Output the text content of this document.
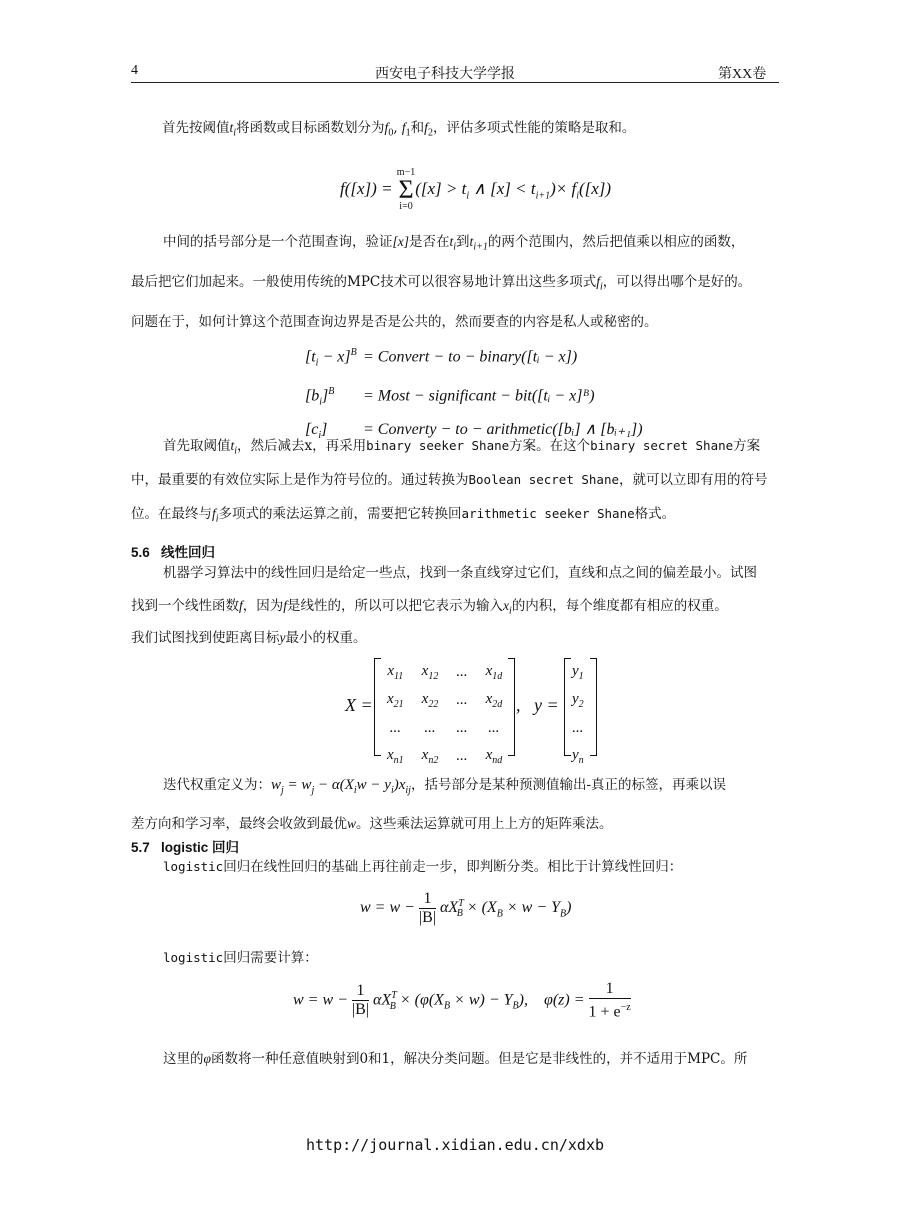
4	西安电子科技大学学报	第XX卷
首先按阈值$t_i$将函数或目标函数划分为$f_0$, $f_1$和$f_2$，评估多项式性能的策略是取和。
f([x]) =
m−1
Σ
i=0
($[x] > t_i$ ∧ $[x] < t_{i+1})\times f_i([x])$
中间的括号部分是一个范围查询，验证[x]是否在$t_i$到$t_{i+1}$的两个范围内，然后把值乘以相应的函数，
最后把它们加起来。一般使用传统的MPC技术可以很容易地计算出这些多项式$f_i$，可以得出哪个是好的。
问题在于，如何计算这个范围查询边界是否是公共的，然而要查的内容是私人或秘密的。
$[t_i - x]^B$ = Convert − to − binary([tᵢ − x])
$[b_i]^B$ = Most − significant − bit([tᵢ − x]ᴮ)
$[c_i]$ = Converty − to − arithmetic([bᵢ] ∧ [bᵢ₊₁])
首先取阈值$t_i$，然后减去x，再采用binary seeker Shane方案。在这个binary secret Shane方案
中，最重要的有效位实际上是作为符号位的。通过转换为Boolean secret Shane，就可以立即有用的符号
位。在最终与$f_i$多项式的乘法运算之前，需要把它转换回arithmetic seeker Shane格式。
5.6 线性回归
机器学习算法中的线性回归是给定一些点，找到一条直线穿过它们，直线和点之间的偏差最小。试图
找到一个线性函数f，因为f是线性的，所以可以把它表示为输入$x_i$的内积，每个维度都有相应的权重。
我们试图找到使距离目标y最小的权重。
X =
$x_{11}$	$x_{12}$	...	$x_{1d}$
$x_{21}$	$x_{22}$	...	$x_{2d}$
...	...	...	...
$x_{n1}$	$x_{n2}$	...	$x_{nd}$
,   y =
$y_1$
$y_2$
...
$y_n$
迭代权重定义为：$w_j = w_j - \alpha(X_iw - y_i)x_{ij}$，括号部分是某种预测值输出-真正的标签，再乘以误
差方向和学习率，最终会收敛到最优w。这些乘法运算就可用上上方的矩阵乘法。
5.7 logistic 回归
logistic回归在线性回归的基础上再往前走一步，即判断分类。相比于计算线性回归：
$w = w - \frac{1}{|B|} \alpha X^T_B \times (X_B \times w - Y_B)$
logistic回归需要计算：
$w = w - \frac{1}{|B|} \alpha X^T_B \times (\varphi(X_B \times w) - Y_B)$,    $\varphi(z) = \frac{1}{1 + e^{-z}}$
这里的φ函数将一种任意值映射到0和1，解决分类问题。但是它是非线性的，并不适用于MPC。所
http://journal.xidian.edu.cn/xdxb
